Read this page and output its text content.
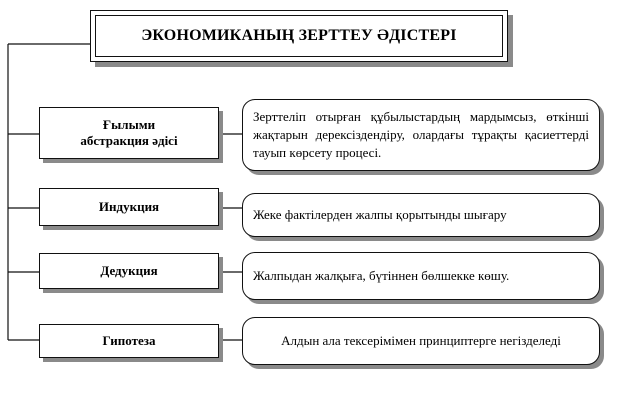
ЭКОНОМИКАНЫҢ ЗЕРТТЕУ ӘДІСТЕРІ
Ғылыми
абстракция әдісі
Зерттеліп отырған құбылыстардың мардымсыз, өткінші жақтарын дерексіздендіру, олардағы тұрақты қасиеттерді тауып көрсету процесі.
Индукция
Жеке фактілерден жалпы қорытынды шығару
Дедукция	Жалпыдан жалқыға, бүтіннен бөлшекке көшу.
Гипотеза	Алдын ала тексерімімен принциптерге негізделеді
